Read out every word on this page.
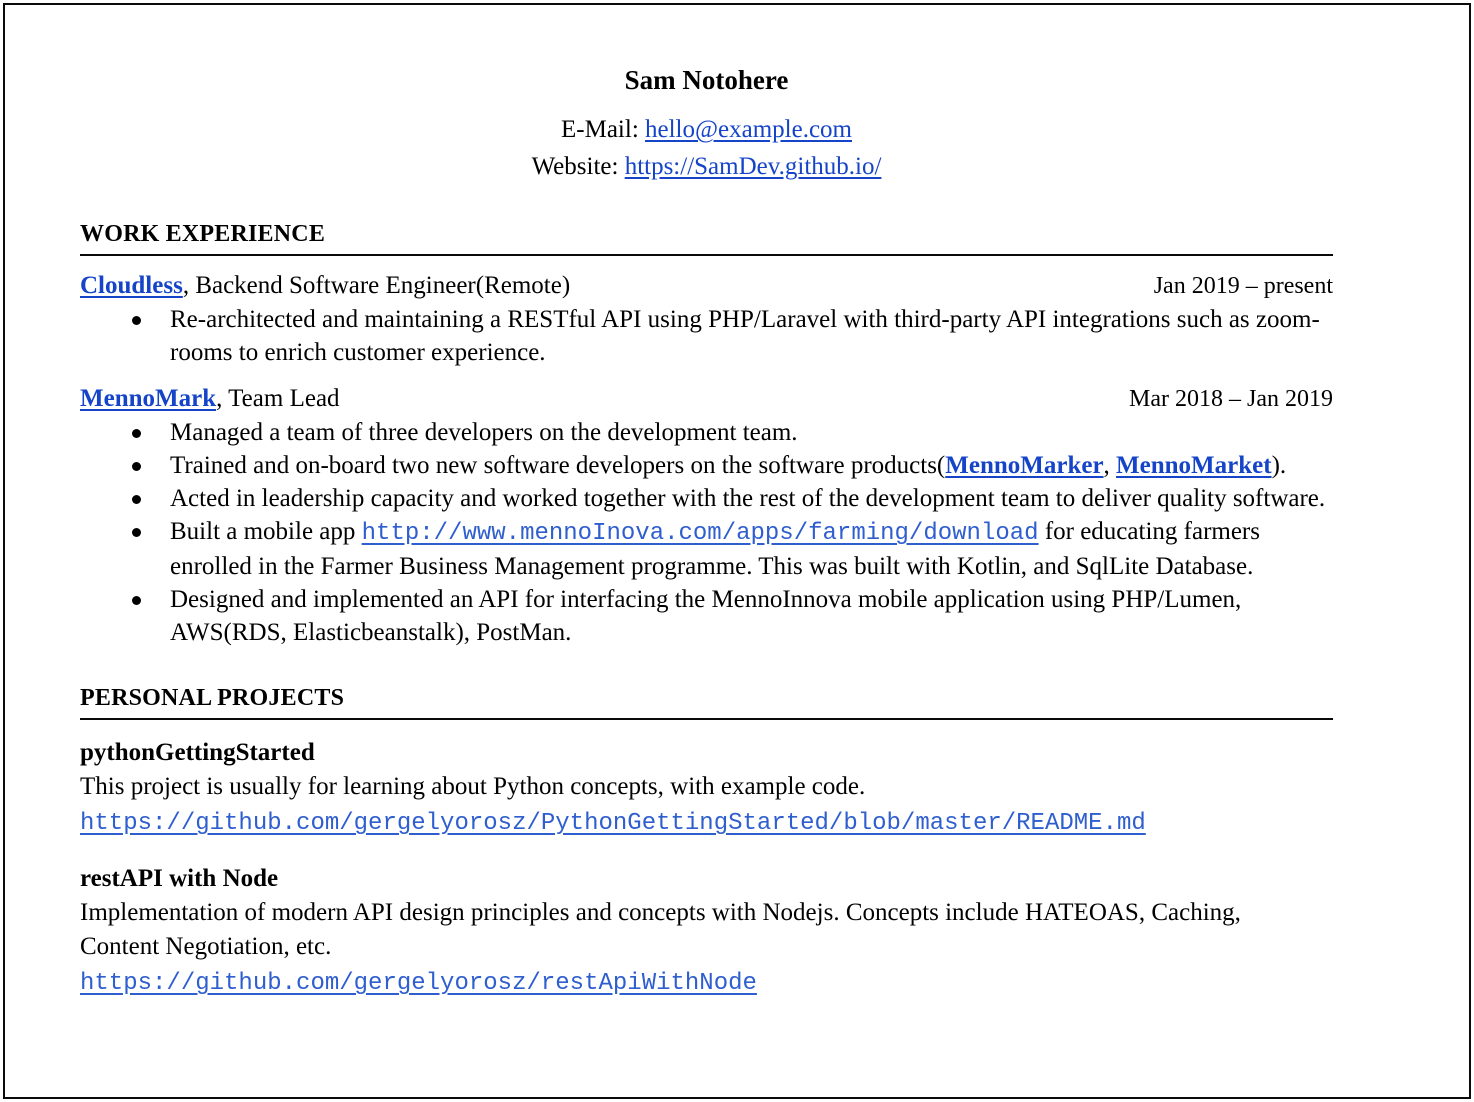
Sam Notohere
E-Mail: hello@example.com
Website: https://SamDev.github.io/
WORK EXPERIENCE
Cloudless, Backend Software Engineer(Remote)	Jan 2019 – present
Re-architected and maintaining a RESTful API using PHP/Laravel with third-party API integrations such as zoom-rooms to enrich customer experience.
MennoMark, Team Lead	Mar 2018 – Jan 2019
Managed a team of three developers on the development team.
Trained and on-board two new software developers on the software products(MennoMarker, MennoMarket).
Acted in leadership capacity and worked together with the rest of the development team to deliver quality software.
Built a mobile app http://www.mennoInova.com/apps/farming/download for educating farmers enrolled in the Farmer Business Management programme. This was built with Kotlin, and SqlLite Database.
Designed and implemented an API for interfacing the MennoInnova mobile application using PHP/Lumen, AWS(RDS, Elasticbeanstalk), PostMan.
PERSONAL PROJECTS
pythonGettingStarted
This project is usually for learning about Python concepts, with example code.
https://github.com/gergelyorosz/PythonGettingStarted/blob/master/README.md
restAPI with Node
Implementation of modern API design principles and concepts with Nodejs. Concepts include HATEOAS, Caching, Content Negotiation, etc.
https://github.com/gergelyorosz/restApiWithNode
